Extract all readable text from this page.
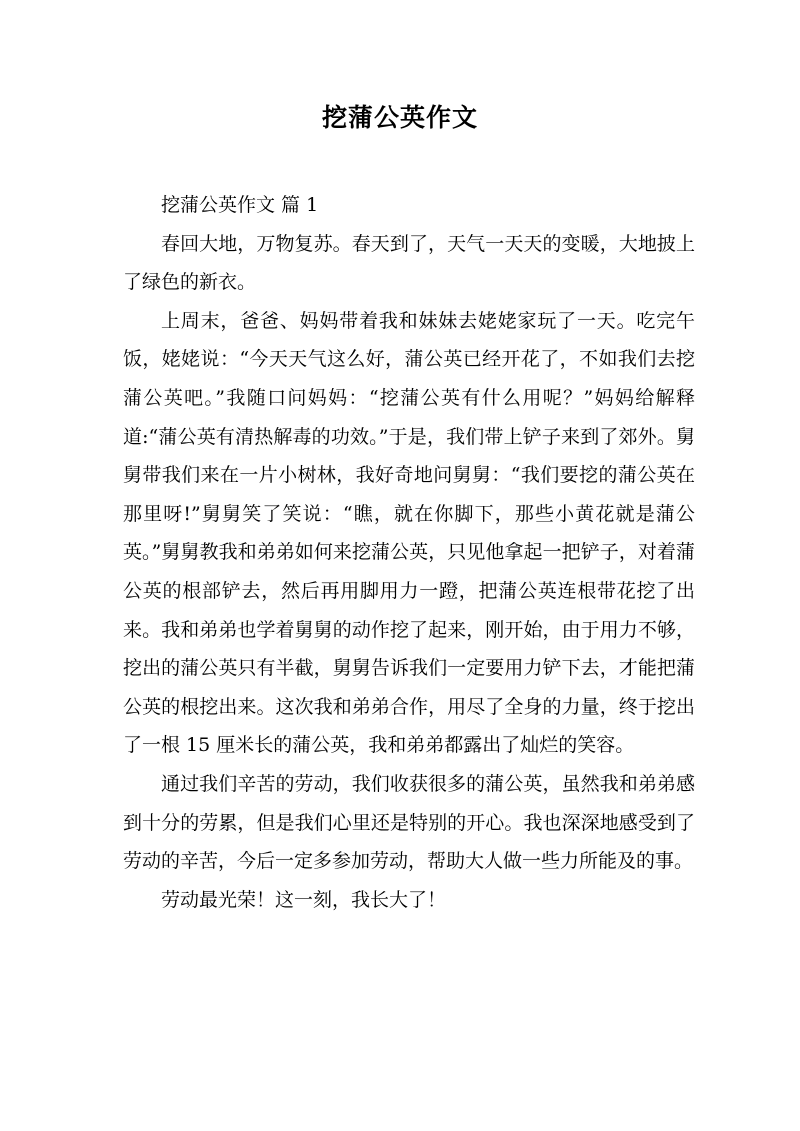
挖蒲公英作文

挖蒲公英作文 篇 1

春回大地，万物复苏。春天到了，天气一天天的变暖，大地披上了绿色的新衣。

上周末，爸爸、妈妈带着我和妹妹去姥姥家玩了一天。吃完午饭，姥姥说：“今天天气这么好，蒲公英已经开花了，不如我们去挖蒲公英吧。”我随口问妈妈：“挖蒲公英有什么用呢？”妈妈给解释道:“蒲公英有清热解毒的功效。”于是，我们带上铲子来到了郊外。舅舅带我们来在一片小树林，我好奇地问舅舅：“我们要挖的蒲公英在那里呀!”舅舅笑了笑说：“瞧，就在你脚下，那些小黄花就是蒲公英。”舅舅教我和弟弟如何来挖蒲公英，只见他拿起一把铲子，对着蒲公英的根部铲去，然后再用脚用力一蹬，把蒲公英连根带花挖了出来。我和弟弟也学着舅舅的动作挖了起来，刚开始，由于用力不够，挖出的蒲公英只有半截，舅舅告诉我们一定要用力铲下去，才能把蒲公英的根挖出来。这次我和弟弟合作，用尽了全身的力量，终于挖出了一根 15 厘米长的蒲公英，我和弟弟都露出了灿烂的笑容。

通过我们辛苦的劳动，我们收获很多的蒲公英，虽然我和弟弟感到十分的劳累，但是我们心里还是特别的开心。我也深深地感受到了劳动的辛苦，今后一定多参加劳动，帮助大人做一些力所能及的事。

劳动最光荣！这一刻，我长大了！
